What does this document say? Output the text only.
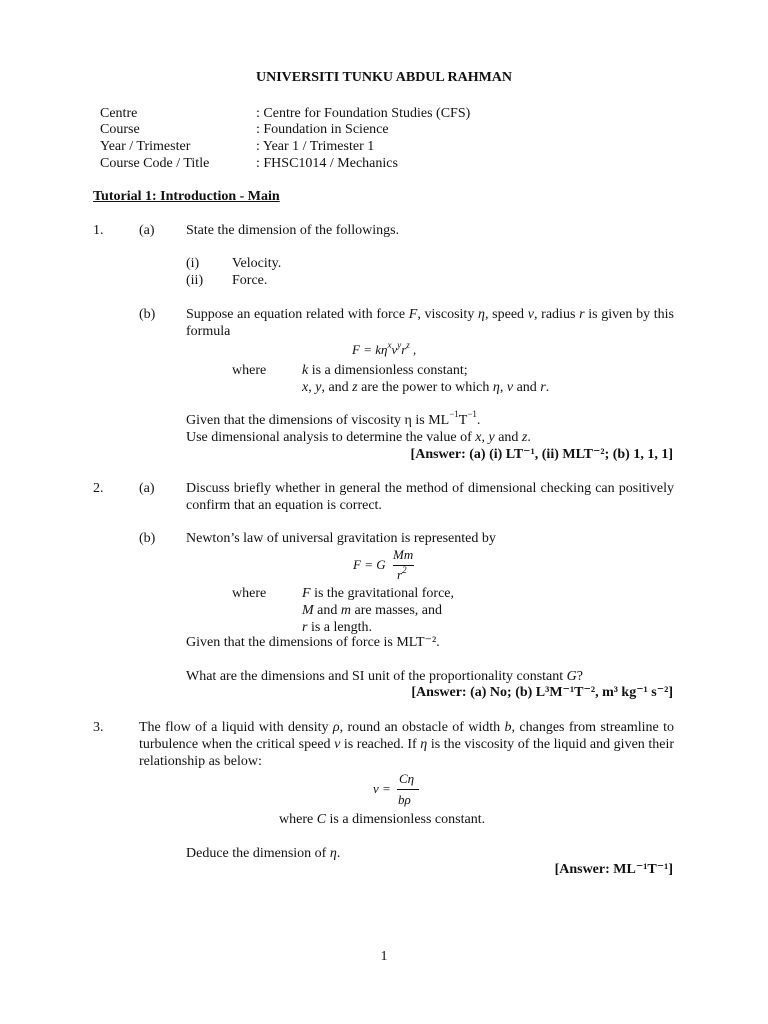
UNIVERSITI TUNKU ABDUL RAHMAN
Centre	: Centre for Foundation Studies (CFS)
Course	: Foundation in Science
Year / Trimester	: Year 1 / Trimester 1
Course Code / Title	: FHSC1014 / Mechanics
Tutorial 1: Introduction - Main
1.	(a) State the dimension of the followings.
(i) Velocity.
(ii) Force.
(b) Suppose an equation related with force F, viscosity η, speed v, radius r is given by this formula
$F = k\eta^xv^yr^z$ ,
where	k is a dimensionless constant;
x, y, and z are the power to which η, v and r.
Given that the dimensions of viscosity η is $ML^{-1}T^{-1}$.
Use dimensional analysis to determine the value of x, y and z.
[Answer: (a) (i) LT⁻¹, (ii) MLT⁻²; (b) 1, 1, 1]
2.	(a) Discuss briefly whether in general the method of dimensional checking can positively confirm that an equation is correct.
(b) Newton’s law of universal gravitation is represented by
F = G
Mm
$r^2$
where	F is the gravitational force,
M and m are masses, and
r is a length.
Given that the dimensions of force is MLT⁻².
What are the dimensions and SI unit of the proportionality constant G?
[Answer: (a) No; (b) L³M⁻¹T⁻², m³ kg⁻¹ s⁻²]
3.	The flow of a liquid with density ρ, round an obstacle of width b, changes from streamline to turbulence when the critical speed v is reached. If η is the viscosity of the liquid and given their relationship as below:
v =
Cη
bρ
where C is a dimensionless constant.
Deduce the dimension of η.
[Answer: ML⁻¹T⁻¹]
1
